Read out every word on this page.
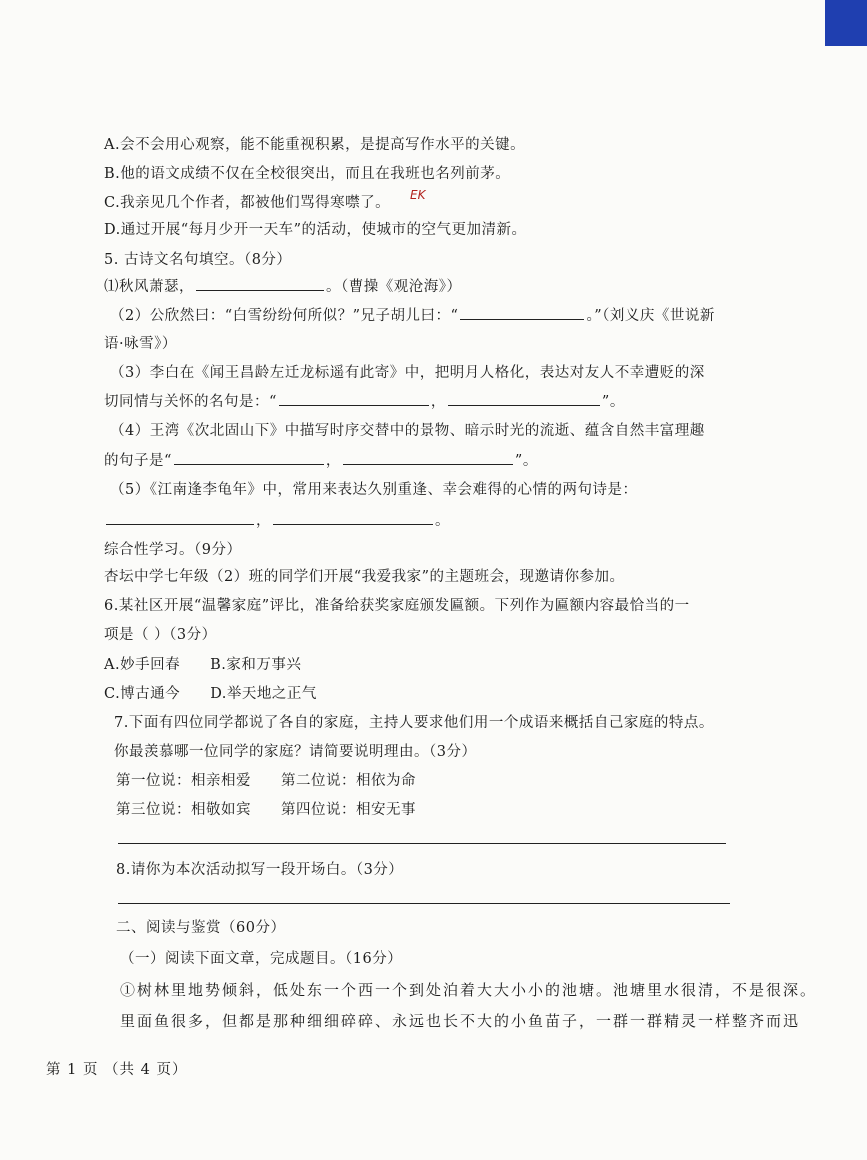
A.会不会用心观察，能不能重视积累，是提高写作水平的关键。
B.他的语文成绩不仅在全校很突出，而且在我班也名列前茅。
C.我亲见几个作者，都被他们骂得寒噤了。 EK
D.通过开展“每月少开一天车”的活动，使城市的空气更加清新。
5. 古诗文名句填空。（8分）
⑴秋风萧瑟，	。（曹操《观沧海》）
（2）公欣然曰：“白雪纷纷何所似？”兄子胡儿曰：“	。”（刘义庆《世说新
语·咏雪》）
（3）李白在《闻王昌龄左迁龙标遥有此寄》中，把明月人格化，表达对友人不幸遭贬的深
切同情与关怀的名句是：“	，	”。
（4）王湾《次北固山下》中描写时序交替中的景物、暗示时光的流逝、蕴含自然丰富理趣
的句子是“	，	”。
（5）《江南逢李龟年》中，常用来表达久别重逢、幸会难得的心情的两句诗是：
，	。
综合性学习。（9分）
杏坛中学七年级（2）班的同学们开展“我爱我家”的主题班会，现邀请你参加。
6.某社区开展“温馨家庭”评比，准备给获奖家庭颁发匾额。下列作为匾额内容最恰当的一
项是（ ）（3分）
A.妙手回春 B.家和万事兴
C.博古通今 D.举天地之正气
7.下面有四位同学都说了各自的家庭，主持人要求他们用一个成语来概括自己家庭的特点。
你最羡慕哪一位同学的家庭？请简要说明理由。（3分）
第一位说：相亲相爱 第二位说：相依为命
第三位说：相敬如宾 第四位说：相安无事
8.请你为本次活动拟写一段开场白。（3分）
二、阅读与鉴赏（60分）
（一）阅读下面文章，完成题目。（16分）
①树林里地势倾斜，低处东一个西一个到处泊着大大小小的池塘。池塘里水很清，不是很深。
里面鱼很多，但都是那种细细碎碎、永远也长不大的小鱼苗子，一群一群精灵一样整齐而迅
第 1 页 （共 4 页）
